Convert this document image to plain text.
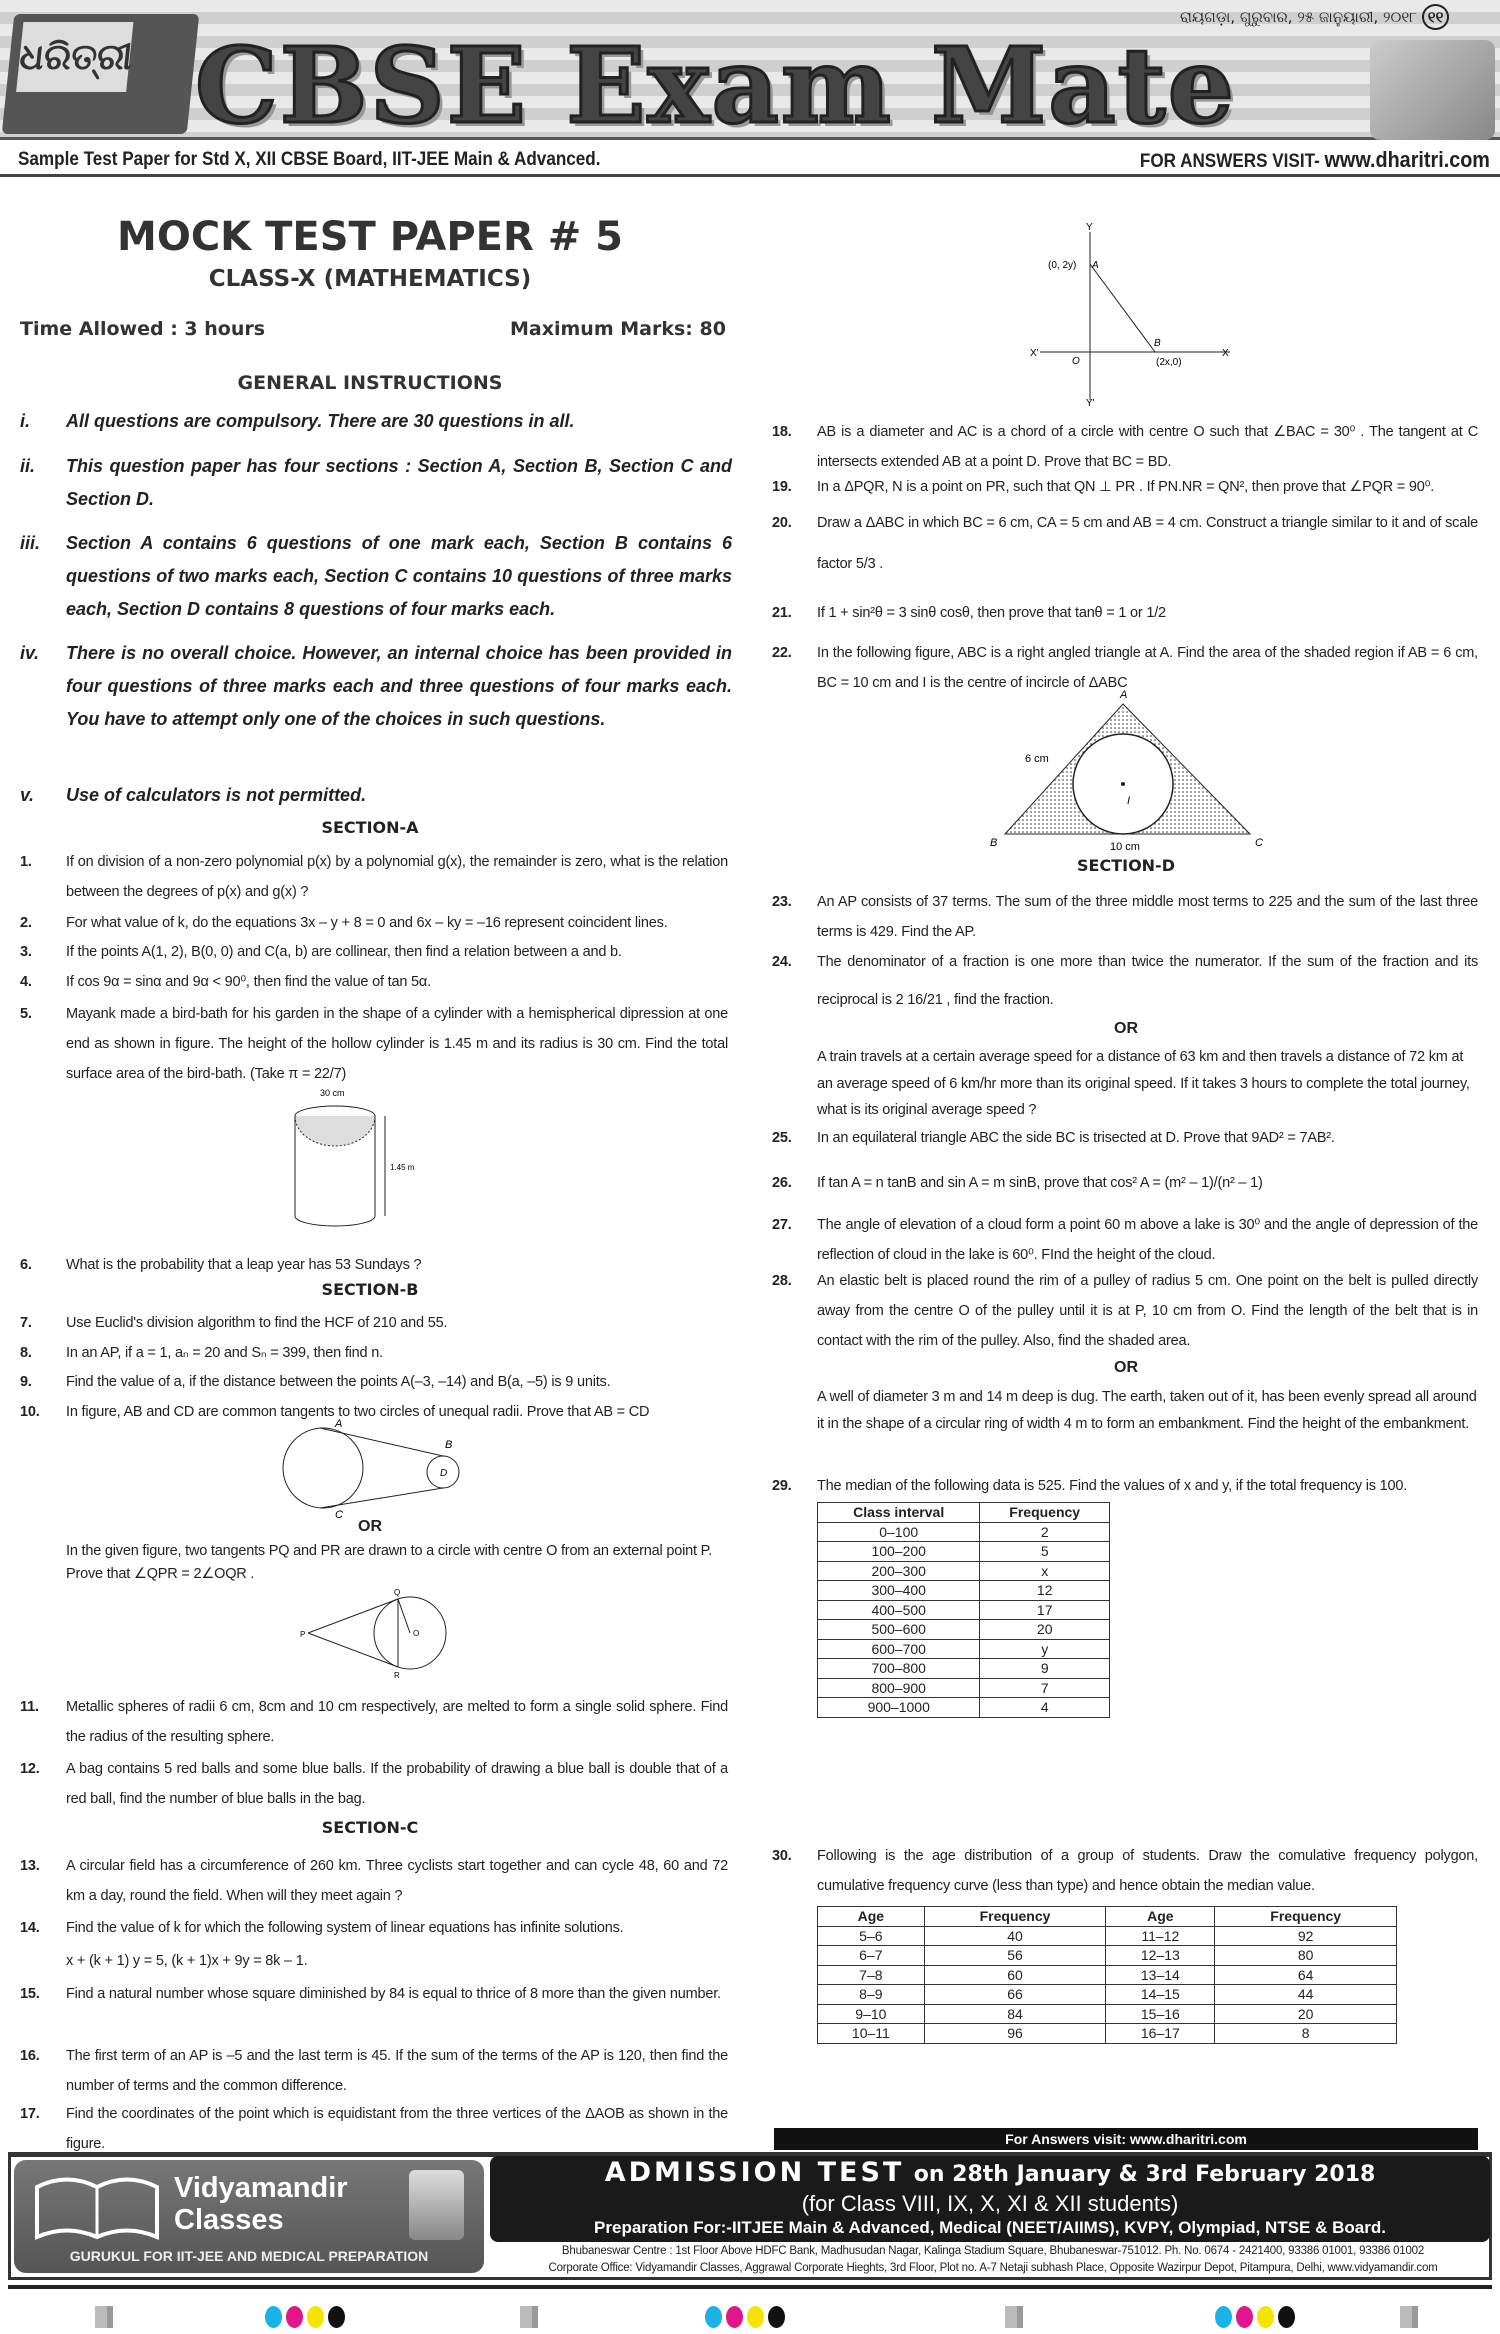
ଧରିତ୍ରୀ CBSE Exam Mate
ରାୟଗଡ଼ା, ଗୁରୁବାର, ୨୫ ଜାନୁୟାରୀ, ୨୦୧୮ ୧୧
Sample Test Paper for Std X, XII CBSE Board, IIT-JEE Main & Advanced.	FOR ANSWERS VISIT- www.dharitri.com
MOCK TEST PAPER # 5
CLASS-X (MATHEMATICS)
Time Allowed : 3 hours	Maximum Marks: 80
GENERAL INSTRUCTIONS
SECTION-A
SECTION-B
SECTION-C
SECTION-D
x + (k + 1) y = 5, (k + 1)x + 9y = 8k – 1.
OR
In the given figure, two tangents PQ and PR are drawn to a circle with centre O from an external point P. Prove that ∠QPR = 2∠OQR .
OR
A train travels at a certain average speed for a distance of 63 km and then travels a distance of 72 km at an average speed of 6 km/hr more than its original speed. If it takes 3 hours to complete the total journey, what is its original average speed ?
OR
A well of diameter 3 m and 14 m deep is dug. The earth, taken out of it, has been evenly spread all around it in the shape of a circular ring of width 4 m to form an embankment. Find the height of the embankment.
30 cm
1.45 m
A
B
C
D
P
Q
R
O
Y
Y'
X'	X
O
A
B
(0, 2y)
(2x,0)
A
B	C
I
6 cm
10 cm
Class interval	Frequency
0–100	2
100–200	5
200–300	x
300–400	12
400–500	17
500–600	20
600–700	y
700–800	9
800–900	7
900–1000	4
Age	Frequency	Age	Frequency
5–6	40	11–12	92
6–7	56	12–13	80
7–8	60	13–14	64
8–9	66	14–15	44
9–10	84	15–16	20
10–11	96	16–17	8
For Answers visit: www.dharitri.com
Vidyamandir
Classes
GURUKUL FOR IIT-JEE AND MEDICAL PREPARATION
ADMISSION TEST on 28th January & 3rd February 2018
(for Class VIII, IX, X, XI & XII students)
Preparation For:-IITJEE Main & Advanced, Medical (NEET/AIIMS), KVPY, Olympiad, NTSE & Board.
Bhubaneswar Centre : 1st Floor Above HDFC Bank, Madhusudan Nagar, Kalinga Stadium Square, Bhubaneswar-751012. Ph. No. 0674 - 2421400, 93386 01001, 93386 01002
Corporate Office: Vidyamandir Classes, Aggrawal Corporate Hieghts, 3rd Floor, Plot no. A-7 Netaji subhash Place, Opposite Wazirpur Depot, Pitampura, Delhi, www.vidyamandir.com
i. All questions are compulsory. There are 30 questions in all.
ii. This question paper has four sections : Section A, Section B, Section C and Section D.
iii. Section A contains 6 questions of one mark each, Section B contains 6 questions of two marks each, Section C contains 10 questions of three marks each, Section D contains 8 questions of four marks each.
iv. There is no overall choice. However, an internal choice has been provided in four questions of three marks each and three questions of four marks each. You have to attempt only one of the choices in such questions.
v. Use of calculators is not permitted.
1. If on division of a non-zero polynomial p(x) by a polynomial g(x), the remainder is zero, what is the relation between the degrees of p(x) and g(x) ?
2. For what value of k, do the equations 3x – y + 8 = 0 and 6x – ky = –16 represent coincident lines.
3. If the points A(1, 2), B(0, 0) and C(a, b) are collinear, then find a relation between a and b.
4. If cos 9α = sinα and 9α < 90⁰, then find the value of tan 5α.
5. Mayank made a bird-bath for his garden in the shape of a cylinder with a hemispherical dipression at one end as shown in figure. The height of the hollow cylinder is 1.45 m and its radius is 30 cm. Find the total surface area of the bird-bath. (Take π = 22/7)
6. What is the probability that a leap year has 53 Sundays ?
7. Use Euclid's division algorithm to find the HCF of 210 and 55.
8. In an AP, if a = 1, aₙ = 20 and Sₙ = 399, then find n.
9. Find the value of a, if the distance between the points A(–3, –14) and B(a, –5) is 9 units.
10. In figure, AB and CD are common tangents to two circles of unequal radii. Prove that AB = CD
11. Metallic spheres of radii 6 cm, 8cm and 10 cm respectively, are melted to form a single solid sphere. Find the radius of the resulting sphere.
12. A bag contains 5 red balls and some blue balls. If the probability of drawing a blue ball is double that of a red ball, find the number of blue balls in the bag.
13. A circular field has a circumference of 260 km. Three cyclists start together and can cycle 48, 60 and 72 km a day, round the field. When will they meet again ?
14. Find the value of k for which the following system of linear equations has infinite solutions.
15. Find a natural number whose square diminished by 84 is equal to thrice of 8 more than the given number.
16. The first term of an AP is –5 and the last term is 45. If the sum of the terms of the AP is 120, then find the number of terms and the common difference.
17. Find the coordinates of the point which is equidistant from the three vertices of the ΔAOB as shown in the figure.
18. AB is a diameter and AC is a chord of a circle with centre O such that ∠BAC = 30⁰ . The tangent at C intersects extended AB at a point D. Prove that BC = BD.
19. In a ΔPQR, N is a point on PR, such that QN ⊥ PR . If PN.NR = QN², then prove that ∠PQR = 90⁰.
20. Draw a ΔABC in which BC = 6 cm, CA = 5 cm and AB = 4 cm. Construct a triangle similar to it and of scale factor 5/3 .
21. If 1 + sin²θ = 3 sinθ cosθ, then prove that tanθ = 1 or 1/2
22. In the following figure, ABC is a right angled triangle at A. Find the area of the shaded region if AB = 6 cm, BC = 10 cm and I is the centre of incircle of ΔABC
23. An AP consists of 37 terms. The sum of the three middle most terms to 225 and the sum of the last three terms is 429. Find the AP.
24. The denominator of a fraction is one more than twice the numerator. If the sum of the fraction and its reciprocal is 2 16/21 , find the fraction.
25. In an equilateral triangle ABC the side BC is trisected at D. Prove that 9AD² = 7AB².
26. If tan A = n tanB and sin A = m sinB, prove that cos² A = (m² – 1)/(n² – 1)
27. The angle of elevation of a cloud form a point 60 m above a lake is 30⁰ and the angle of depression of the reflection of cloud in the lake is 60⁰. FInd the height of the cloud.
28. An elastic belt is placed round the rim of a pulley of radius 5 cm. One point on the belt is pulled directly away from the centre O of the pulley until it is at P, 10 cm from O. Find the length of the belt that is in contact with the rim of the pulley. Also, find the shaded area.
29. The median of the following data is 525. Find the values of x and y, if the total frequency is 100.
30. Following is the age distribution of a group of students. Draw the comulative frequency polygon, cumulative frequency curve (less than type) and hence obtain the median value.
